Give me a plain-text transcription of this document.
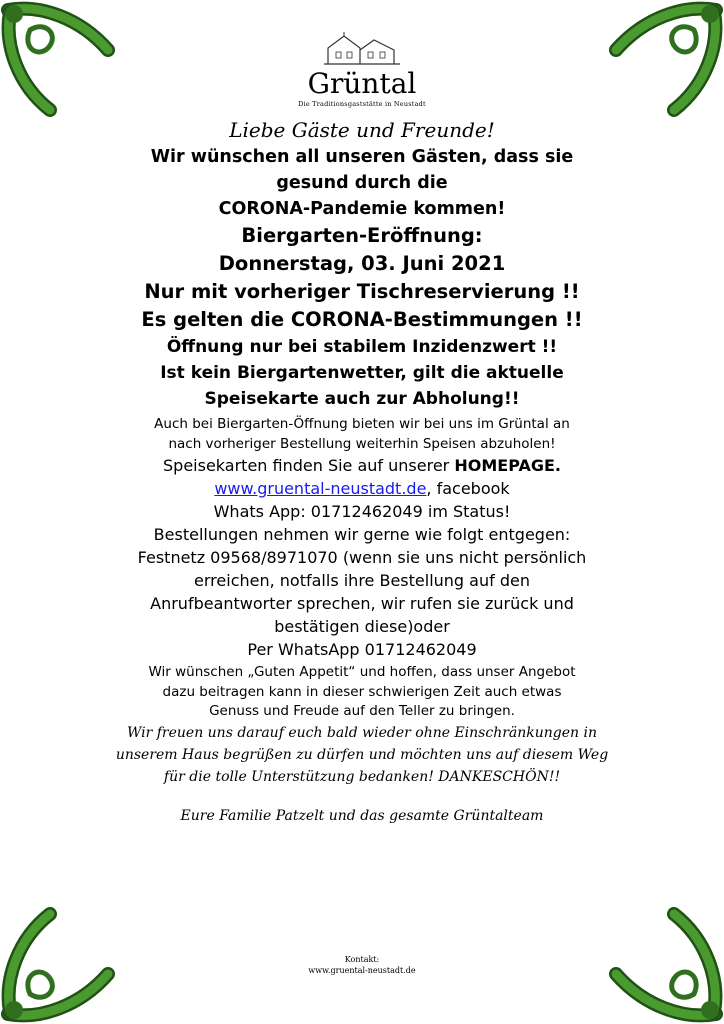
Grüntal
Die Traditionsgaststätte in Neustadt
Liebe Gäste und Freunde!
Wir wünschen all unseren Gästen, dass sie
gesund durch die
CORONA-Pandemie kommen!
Biergarten-Eröffnung:
Donnerstag, 03. Juni 2021
Nur mit vorheriger Tischreservierung !!
Es gelten die CORONA-Bestimmungen !!
Öffnung nur bei stabilem Inzidenzwert !!
Ist kein Biergartenwetter, gilt die aktuelle
Speisekarte auch zur Abholung!!
Auch bei Biergarten-Öffnung bieten wir bei uns im Grüntal an
nach vorheriger Bestellung weiterhin Speisen abzuholen!
Speisekarten finden Sie auf unserer HOMEPAGE.
www.gruental-neustadt.de, facebook
Whats App: 01712462049 im Status!
Bestellungen nehmen wir gerne wie folgt entgegen:
Festnetz 09568/8971070 (wenn sie uns nicht persönlich
erreichen, notfalls ihre Bestellung auf den
Anrufbeantworter sprechen, wir rufen sie zurück und
bestätigen diese)oder
Per WhatsApp 01712462049
Wir wünschen „Guten Appetit“ und hoffen, dass unser Angebot
dazu beitragen kann in dieser schwierigen Zeit auch etwas
Genuss und Freude auf den Teller zu bringen.
Wir freuen uns darauf euch bald wieder ohne Einschränkungen in
unserem Haus begrüßen zu dürfen und möchten uns auf diesem Weg
für die tolle Unterstützung bedanken! DANKESCHÖN!!
Eure Familie Patzelt und das gesamte Grüntalteam
Kontakt:
www.gruental-neustadt.de
